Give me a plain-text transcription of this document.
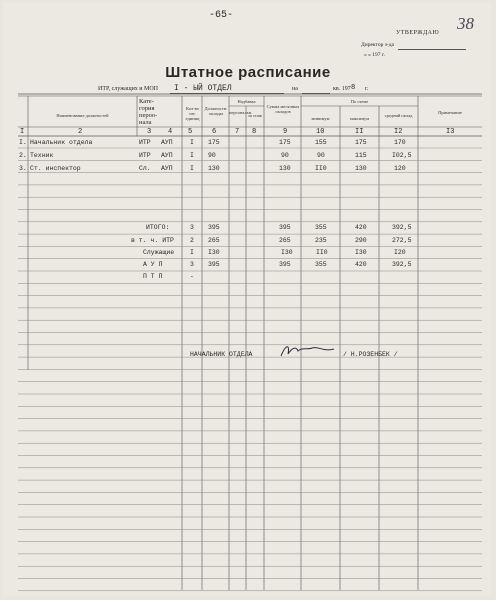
-65-	38
УТВЕРЖДАЮ
Директор з-да
« » 197 г.
Штатное расписание
ИТР, служащих и МОП I - ЫЙ ОТДЕЛ	на	кв. 197 8 г.
Наименование должностей
Кате-
гория
пероо-
нала
Кол-во шт. единиц
Должностн. оклады
Надбавка
персональн.
за стаж
Сумма месячных окладов
По схеме
минимум	максимум
средний оклад
Примечание
I	2	3 4 5	6	7 8	9	10	II	I2	I3
I. Начальник отдела	ИТР АУП	I 175	175	155	175	170
2. Техник	ИТР АУП	I 90	90	90	115	I02,5
3. Ст. инспектор	Сл. АУП	I 130	130	II0	130	120
ИТОГО:	3 395	395	355	420	392,5
в т. ч. ИТР 2 265	265	235	290	272,5
Служащие I I30	I30	II0	I30	I20
А У П	3 395	395	355	420	392,5
П Т П	-
НАЧАЛЬНИК ОТДЕЛА	/ Н.РОЗЕНБЕК /
